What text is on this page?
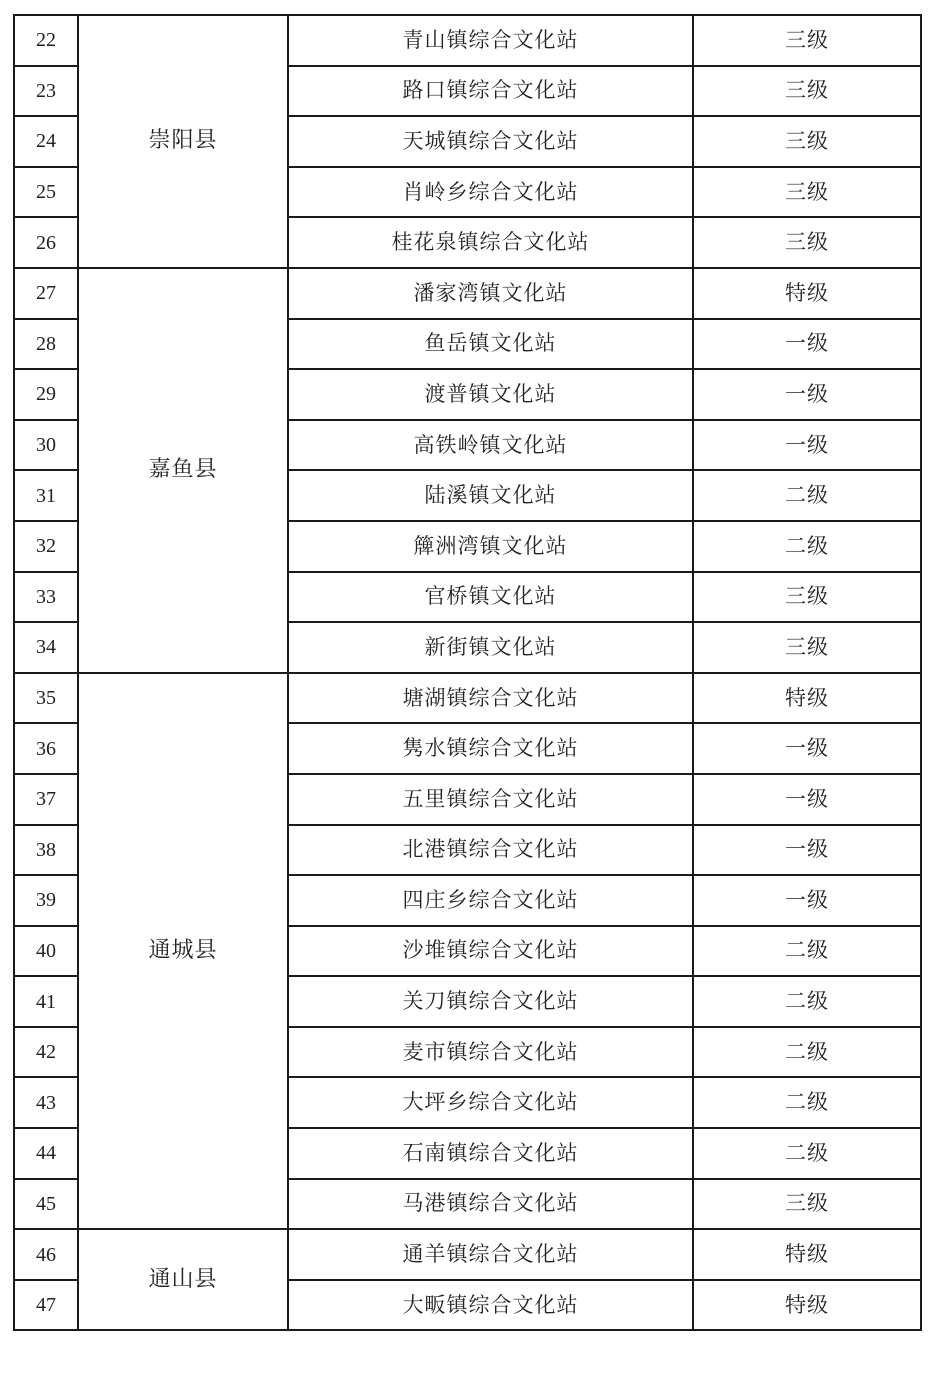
22	崇阳县	青山镇综合文化站	三级
23		路口镇综合文化站	三级
24		天城镇综合文化站	三级
25		肖岭乡综合文化站	三级
26		桂花泉镇综合文化站	三级
27	嘉鱼县	潘家湾镇文化站	特级
28		鱼岳镇文化站	一级
29		渡普镇文化站	一级
30		高铁岭镇文化站	一级
31		陆溪镇文化站	二级
32		簰洲湾镇文化站	二级
33		官桥镇文化站	三级
34		新街镇文化站	三级
35	通城县	塘湖镇综合文化站	特级
36		隽水镇综合文化站	一级
37		五里镇综合文化站	一级
38		北港镇综合文化站	一级
39		四庄乡综合文化站	一级
40		沙堆镇综合文化站	二级
41		关刀镇综合文化站	二级
42		麦市镇综合文化站	二级
43		大坪乡综合文化站	二级
44		石南镇综合文化站	二级
45		马港镇综合文化站	三级
46	通山县	通羊镇综合文化站	特级
47		大畈镇综合文化站	特级
